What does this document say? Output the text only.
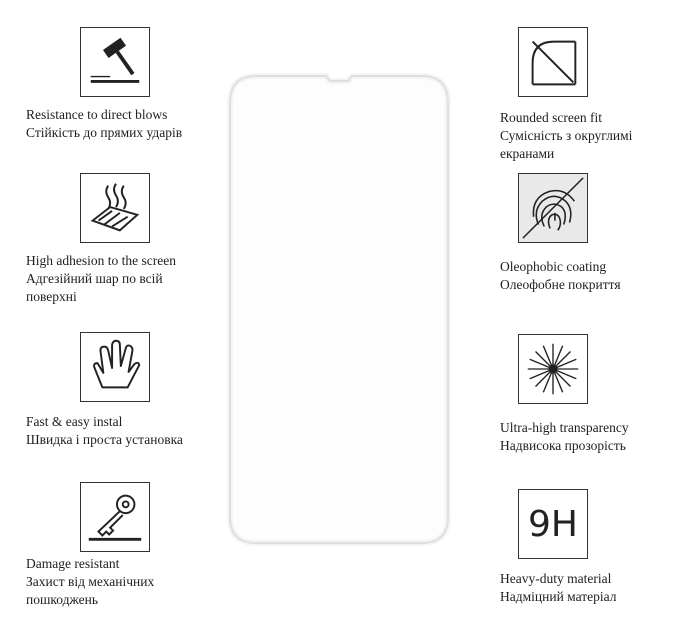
Resistance to direct blows
Стійкість до прямих ударів
High adhesion to the screen
Адгезійний шар по всій
поверхні
Fast & easy instal
Швидка і проста установка
Damage resistant
Захист від механічних
пошкоджень
Rounded screen fit
Сумісність з округлимі
екранами
Oleophobic coating
Олеофобне покриття
Ultra-high transparency
Надвисока прозорість
9H
Heavy-duty material
Надміцний матеріал
